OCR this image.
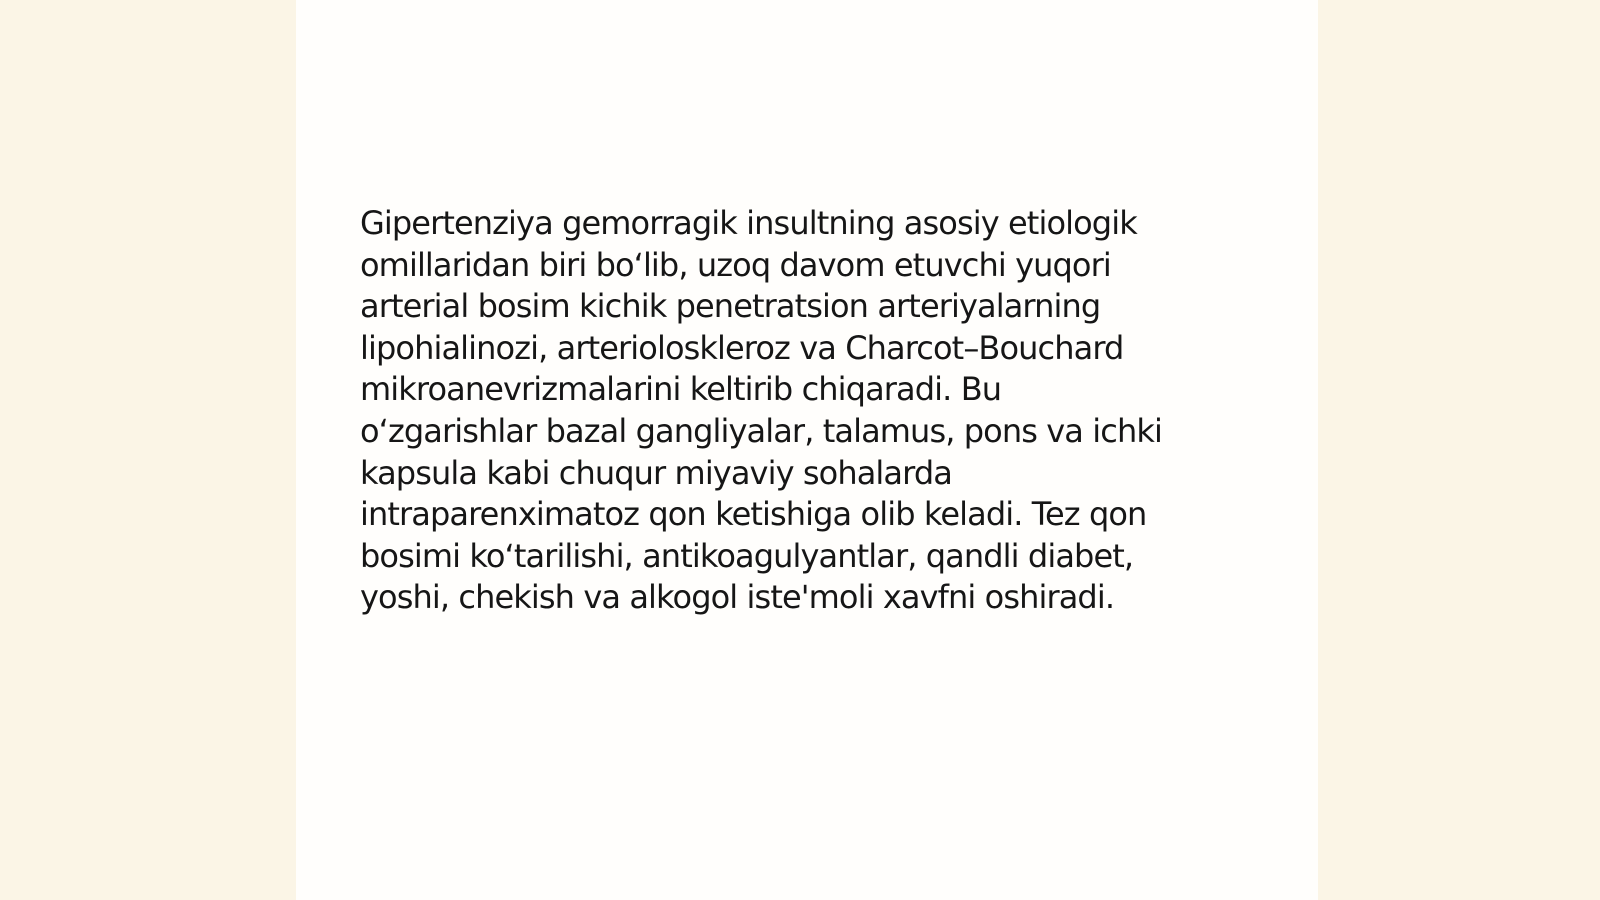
Gipertenziya gemorragik insultning asosiy etiologik
omillaridan biri bo‘lib, uzoq davom etuvchi yuqori
arterial bosim kichik penetratsion arteriyalarning
lipohialinozi, arterioloskleroz va Charcot–Bouchard
mikroanevrizmalarini keltirib chiqaradi. Bu
o‘zgarishlar bazal gangliyalar, talamus, pons va ichki
kapsula kabi chuqur miyaviy sohalarda
intraparenximatoz qon ketishiga olib keladi. Tez qon
bosimi ko‘tarilishi, antikoagulyantlar, qandli diabet,
yoshi, chekish va alkogol iste'moli xavfni oshiradi.
